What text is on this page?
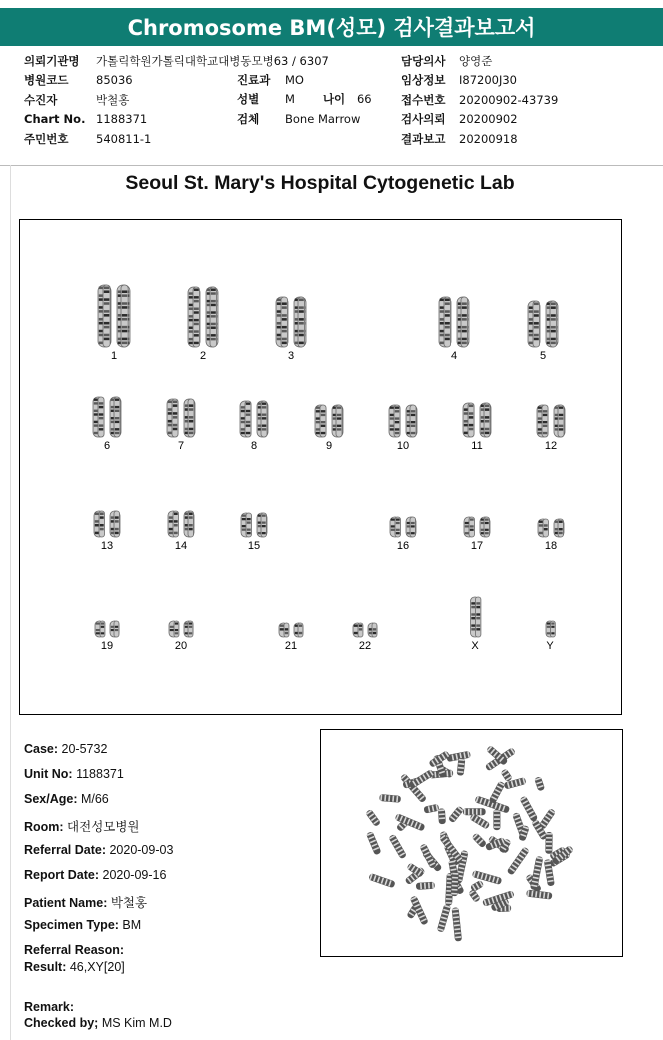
Chromosome BM(성모) 검사결과보고서
의뢰기관명	가톨릭학원가톨릭대학교대병동모병63 / 6307
병원코드	85036
수진자	박철홍
Chart No. 1188371
주민번호	540811-1
진료과	MO
성별	M 나이	66
검체	Bone Marrow
담당의사	양영준
임상정보	I87200J30
접수번호	20200902-43739
검사의뢰	20200902
결과보고	20200918
Seoul St. Mary's Hospital Cytogenetic Lab
1	2	3	4	5
6	7	8	9	10	11	12
13	14	15	16	17	18
19	20	21	22	X	Y
Case: 20-5732
Unit No: 1188371
Sex/Age: M/66
Room: 대전성모병원
Referral Date: 2020-09-03
Report Date: 2020-09-16
Patient Name: 박철홍
Specimen Type: BM
Referral Reason:
Result: 46,XY[20]
Remark:
Checked by; MS Kim M.D
